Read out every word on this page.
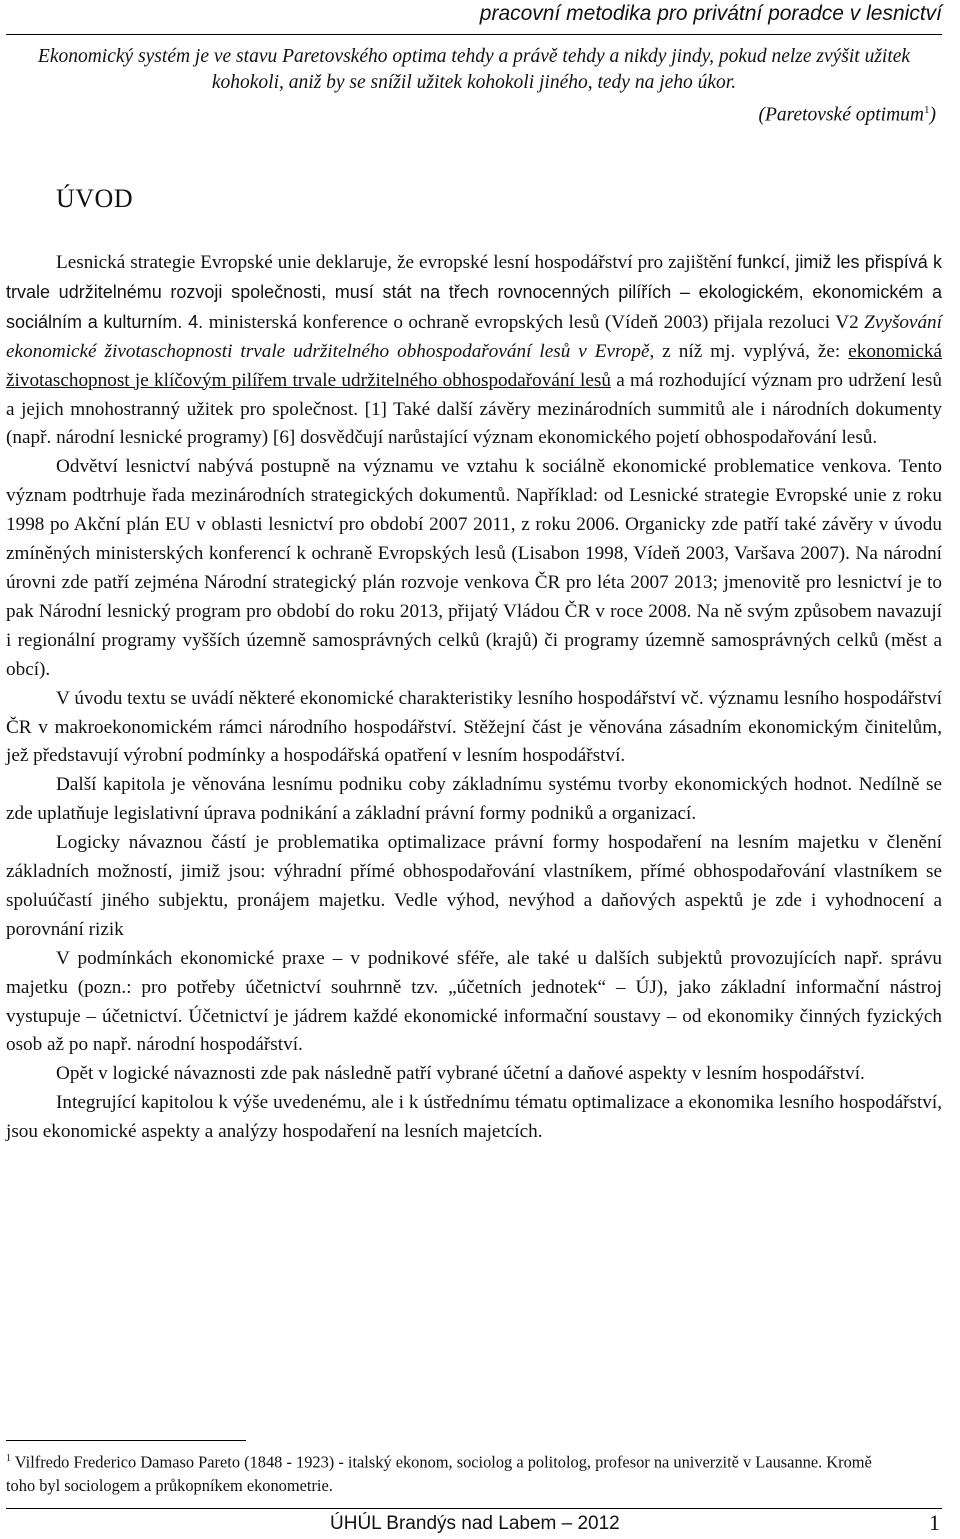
pracovní metodika pro privátní poradce v lesnictví
Ekonomický systém je ve stavu Paretovského optima tehdy a právě tehdy a nikdy jindy, pokud nelze zvýšit užitek kohokoli, aniž by se snížil užitek kohokoli jiného, tedy na jeho úkor.
(Paretovské optimum$^1$)
ÚVOD

Lesnická strategie Evropské unie deklaruje, že evropské lesní hospodářství pro zajištění funkcí, jimiž les přispívá k trvale udržitelnému rozvoji společnosti, musí stát na třech rovnocenných pilířích – ekologickém, ekonomickém a sociálním a kulturním. 4. ministerská konference o ochraně evropských lesů (Vídeň 2003) přijala rezoluci V2 Zvyšování ekonomické životaschopnosti trvale udržitelného obhospodařování lesů v Evropě, z níž mj. vyplývá, že: ekonomická životaschopnost je klíčovým pilířem trvale udržitelného obhospodařování lesů a má rozhodující význam pro udržení lesů a jejich mnohostranný užitek pro společnost. [1] Také další závěry mezinárodních summitů ale i národních dokumenty (např. národní lesnické programy) [6] dosvědčují narůstající význam ekonomického pojetí obhospodařování lesů.

Odvětví lesnictví nabývá postupně na významu ve vztahu k sociálně ekonomické problematice venkova. Tento význam podtrhuje řada mezinárodních strategických dokumentů. Například: od Lesnické strategie Evropské unie z roku 1998 po Akční plán EU v oblasti lesnictví pro období 2007 2011, z roku 2006. Organicky zde patří také závěry v úvodu zmíněných ministerských konferencí k ochraně Evropských lesů (Lisabon 1998, Vídeň 2003, Varšava 2007). Na národní úrovni zde patří zejména Národní strategický plán rozvoje venkova ČR pro léta 2007 2013; jmenovitě pro lesnictví je to pak Národní lesnický program pro období do roku 2013, přijatý Vládou ČR v roce 2008. Na ně svým způsobem navazují i regionální programy vyšších územně samosprávných celků (krajů) či programy územně samosprávných celků (měst a obcí).

V úvodu textu se uvádí některé ekonomické charakteristiky lesního hospodářství vč. významu lesního hospodářství ČR v makroekonomickém rámci národního hospodářství. Stěžejní část je věnována zásadním ekonomickým činitelům, jež představují výrobní podmínky a hospodářská opatření v lesním hospodářství.

Další kapitola je věnována lesnímu podniku coby základnímu systému tvorby ekonomických hodnot. Nedílně se zde uplatňuje legislativní úprava podnikání a základní právní formy podniků a organizací.

Logicky návaznou částí je problematika optimalizace právní formy hospodaření na lesním majetku v členění základních možností, jimiž jsou: výhradní přímé obhospodařování vlastníkem, přímé obhospodařování vlastníkem se spoluúčastí jiného subjektu, pronájem majetku. Vedle výhod, nevýhod a daňových aspektů je zde i vyhodnocení a porovnání rizik

V podmínkách ekonomické praxe – v podnikové sféře, ale také u dalších subjektů provozujících např. správu majetku (pozn.: pro potřeby účetnictví souhrnně tzv. „účetních jednotek“ – ÚJ), jako základní informační nástroj vystupuje – účetnictví. Účetnictví je jádrem každé ekonomické informační soustavy – od ekonomiky činných fyzických osob až po např. národní hospodářství.

Opět v logické návaznosti zde pak následně patří vybrané účetní a daňové aspekty v lesním hospodářství.

Integrující kapitolou k výše uvedenému, ale i k ústřednímu tématu optimalizace a ekonomika lesního hospodářství, jsou ekonomické aspekty a analýzy hospodaření na lesních majetcích.

$^1$ Vilfredo Frederico Damaso Pareto (1848 - 1923) - italský ekonom, sociolog a politolog, profesor na univerzitě v Lausanne. Kromě toho byl sociologem a průkopníkem ekonometrie.
ÚHÚL Brandýs nad Labem – 2012	1
